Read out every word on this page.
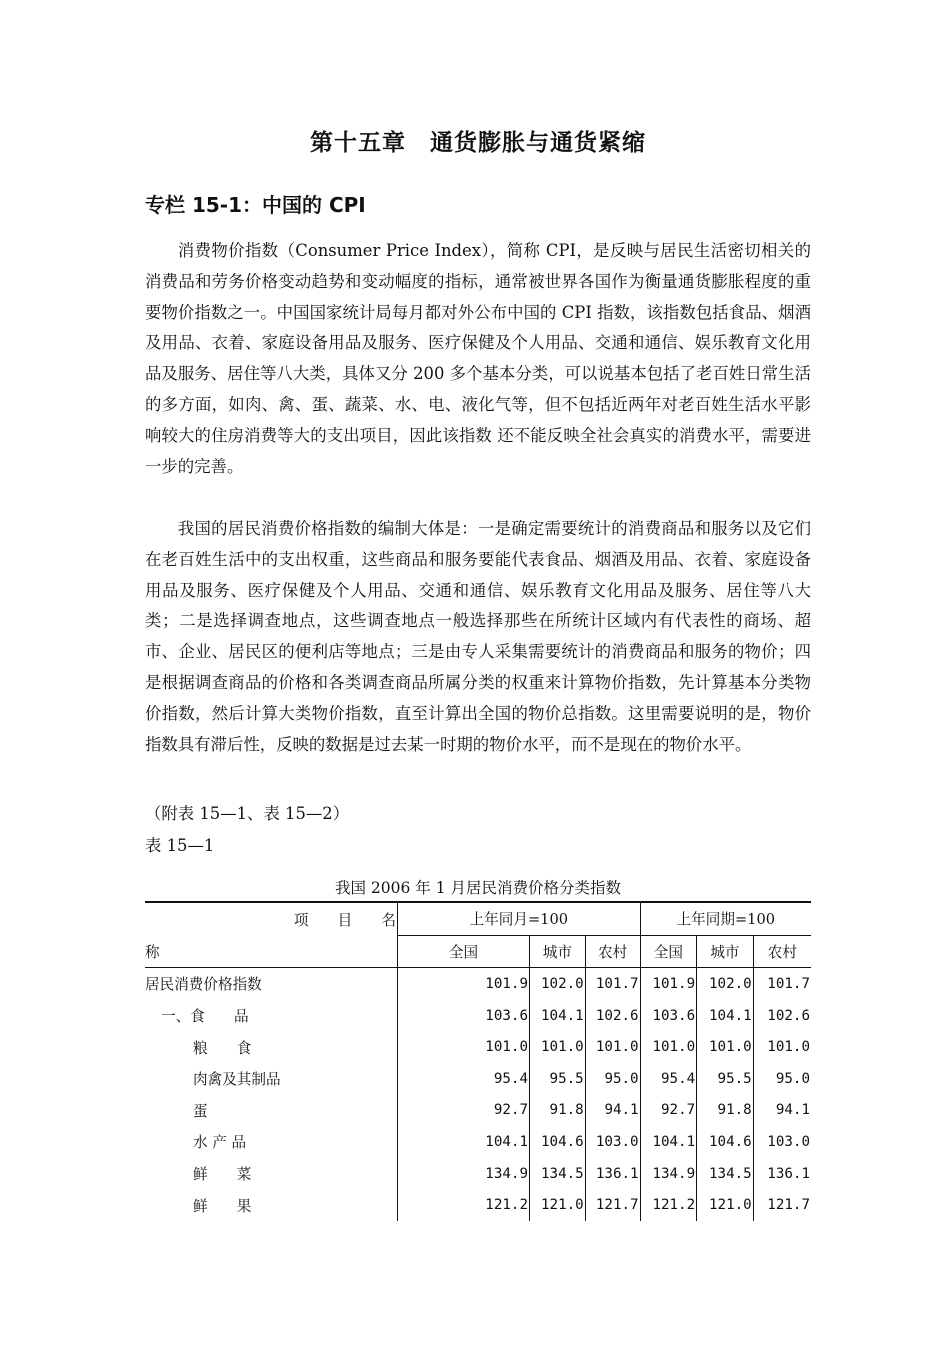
第十五章　通货膨胀与通货紧缩
专栏 15-1：中国的 CPI

消费物价指数（Consumer Price Index），简称 CPI，是反映与居民生活密切相关的消费品和劳务价格变动趋势和变动幅度的指标，通常被世界各国作为衡量通货膨胀程度的重要物价指数之一。中国国家统计局每月都对外公布中国的 CPI 指数，该指数包括食品、烟酒及用品、衣着、家庭设备用品及服务、医疗保健及个人用品、交通和通信、娱乐教育文化用品及服务、居住等八大类，具体又分 200 多个基本分类，可以说基本包括了老百姓日常生活的多方面，如肉、禽、蛋、蔬菜、水、电、液化气等，但不包括近两年对老百姓生活水平影响较大的住房消费等大的支出项目，因此该指数 还不能反映全社会真实的消费水平，需要进一步的完善。

我国的居民消费价格指数的编制大体是：一是确定需要统计的消费商品和服务以及它们在老百姓生活中的支出权重，这些商品和服务要能代表食品、烟酒及用品、衣着、家庭设备用品及服务、医疗保健及个人用品、交通和通信、娱乐教育文化用品及服务、居住等八大类；二是选择调查地点，这些调查地点一般选择那些在所统计区域内有代表性的商场、超市、企业、居民区的便利店等地点；三是由专人采集需要统计的消费商品和服务的物价；四是根据调查商品的价格和各类调查商品所属分类的权重来计算物价指数，先计算基本分类物价指数，然后计算大类物价指数，直至计算出全国的物价总指数。这里需要说明的是，物价指数具有滞后性，反映的数据是过去某一时期的物价水平，而不是现在的物价水平。

（附表 15—1、表 15—2）
表 15—1
我国 2006 年 1 月居民消费价格分类指数
项　　目　　名	上年同月=100			上年同期=100		
称	全国	城市	农村	全国	城市	农村
居民消费价格指数	101.9	102.0	101.7	101.9	102.0	101.7
一、食　　品	103.6	104.1	102.6	103.6	104.1	102.6
粮　　食	101.0	101.0	101.0	101.0	101.0	101.0
肉禽及其制品	95.4	95.5	95.0	95.4	95.5	95.0
蛋	92.7	91.8	94.1	92.7	91.8	94.1
水 产 品	104.1	104.6	103.0	104.1	104.6	103.0
鲜　　菜	134.9	134.5	136.1	134.9	134.5	136.1
鲜　　果	121.2	121.0	121.7	121.2	121.0	121.7
